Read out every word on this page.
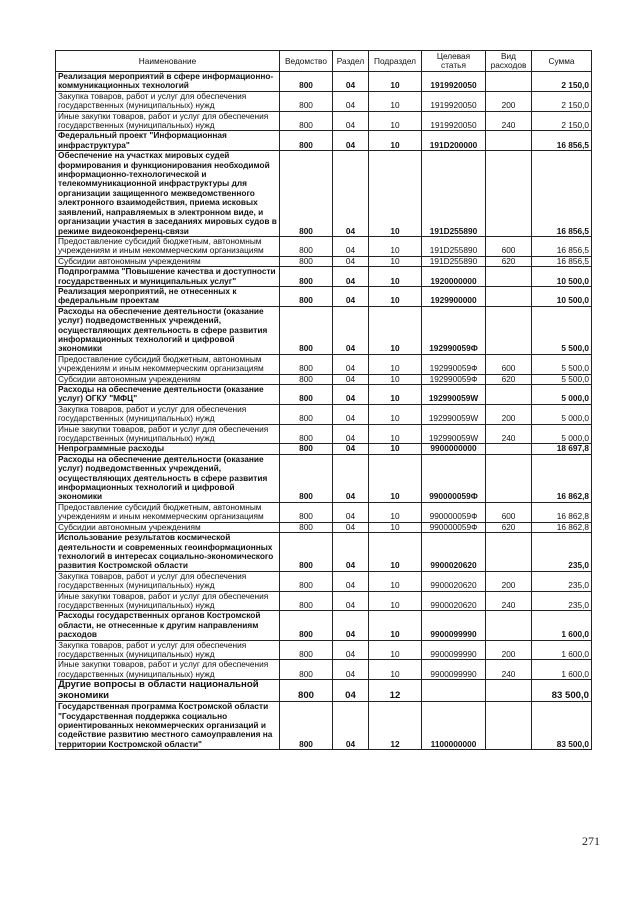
Наименование	Ведомство	Раздел	Подраздел	Целевая статья	Вид расходов	Сумма
Реализация мероприятий в сфере информационно-коммуникационных технологий	800	04	10	1919920050		2 150,0
Закупка товаров, работ и услуг для обеспечения государственных (муниципальных) нужд	800	04	10	1919920050	200	2 150,0
Иные закупки товаров, работ и услуг для обеспечения государственных (муниципальных) нужд	800	04	10	1919920050	240	2 150,0
Федеральный проект "Информационная инфраструктура"	800	04	10	191D200000		16 856,5
Обеспечение на участках мировых судей формирования и функционирования необходимой информационно-технологической и телекоммуникационной инфраструктуры для организации защищенного межведомственного электронного взаимодействия, приема исковых заявлений, направляемых в электронном виде, и организации участия в заседаниях мировых судов в режиме видеоконференц-связи	800	04	10	191D255890		16 856,5
Предоставление субсидий бюджетным, автономным учреждениям и иным некоммерческим организациям	800	04	10	191D255890	600	16 856,5
Субсидии автономным учреждениям	800	04	10	191D255890	620	16 856,5
Подпрограмма "Повышение качества и доступности государственных и муниципальных услуг"	800	04	10	1920000000		10 500,0
Реализация мероприятий, не отнесенных к федеральным проектам	800	04	10	1929900000		10 500,0
Расходы на обеспечение деятельности (оказание услуг) подведомственных учреждений, осуществляющих деятельность в сфере развития информационных технологий и цифровой экономики	800	04	10	192990059Ф		5 500,0
Предоставление субсидий бюджетным, автономным учреждениям и иным некоммерческим организациям	800	04	10	192990059Ф	600	5 500,0
Субсидии автономным учреждениям	800	04	10	192990059Ф	620	5 500,0
Расходы на обеспечение деятельности (оказание услуг) ОГКУ "МФЦ"	800	04	10	192990059W		5 000,0
Закупка товаров, работ и услуг для обеспечения государственных (муниципальных) нужд	800	04	10	192990059W	200	5 000,0
Иные закупки товаров, работ и услуг для обеспечения государственных (муниципальных) нужд	800	04	10	192990059W	240	5 000,0
Непрограммные расходы	800	04	10	9900000000		18 697,8
Расходы на обеспечение деятельности (оказание услуг) подведомственных учреждений, осуществляющих деятельность в сфере развития информационных технологий и цифровой экономики	800	04	10	990000059Ф		16 862,8
Предоставление субсидий бюджетным, автономным учреждениям и иным некоммерческим организациям	800	04	10	990000059Ф	600	16 862,8
Субсидии автономным учреждениям	800	04	10	990000059Ф	620	16 862,8
Использование результатов космической деятельности и современных геоинформационных технологий в интересах социально-экономического развития Костромской области	800	04	10	9900020620		235,0
Закупка товаров, работ и услуг для обеспечения государственных (муниципальных) нужд	800	04	10	9900020620	200	235,0
Иные закупки товаров, работ и услуг для обеспечения государственных (муниципальных) нужд	800	04	10	9900020620	240	235,0
Расходы государственных органов Костромской области, не отнесенные к другим направлениям расходов	800	04	10	9900099990		1 600,0
Закупка товаров, работ и услуг для обеспечения государственных (муниципальных) нужд	800	04	10	9900099990	200	1 600,0
Иные закупки товаров, работ и услуг для обеспечения государственных (муниципальных) нужд	800	04	10	9900099990	240	1 600,0
Другие вопросы в области национальной экономики	800	04	12			83 500,0
Государственная программа Костромской области "Государственная поддержка социально ориентированных некоммерческих организаций и содействие развитию местного самоуправления на территории Костромской области"	800	04	12	1100000000		83 500,0
271
